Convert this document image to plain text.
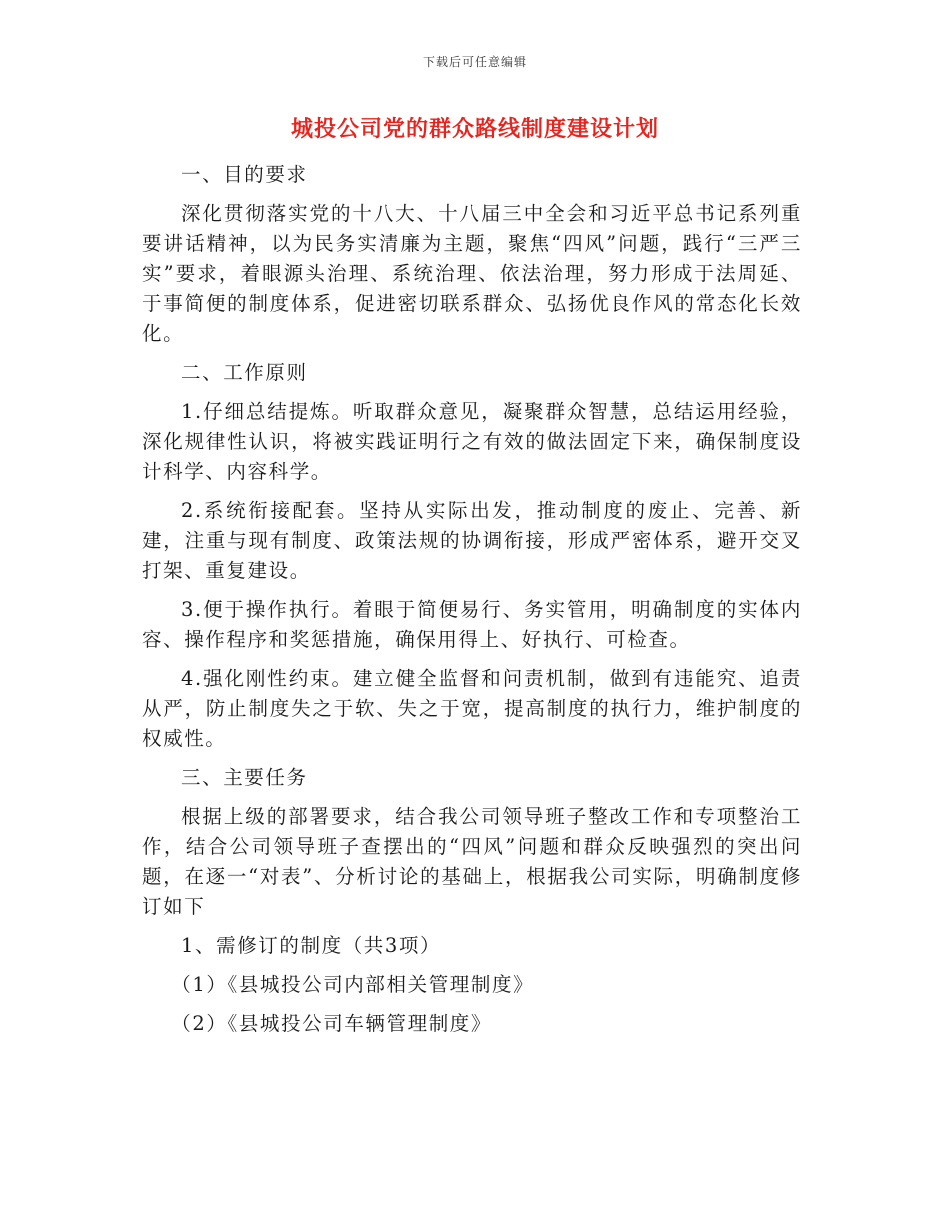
下载后可任意编辑
城投公司党的群众路线制度建设计划

一、目的要求

深化贯彻落实党的十八大、十八届三中全会和习近平总书记系列重要讲话精神，以为民务实清廉为主题，聚焦“四风”问题，践行“三严三实”要求，着眼源头治理、系统治理、依法治理，努力形成于法周延、于事简便的制度体系，促进密切联系群众、弘扬优良作风的常态化长效化。

二、工作原则

1.仔细总结提炼。听取群众意见，凝聚群众智慧，总结运用经验，深化规律性认识，将被实践证明行之有效的做法固定下来，确保制度设计科学、内容科学。

2.系统衔接配套。坚持从实际出发，推动制度的废止、完善、新建，注重与现有制度、政策法规的协调衔接，形成严密体系，避开交叉打架、重复建设。

3.便于操作执行。着眼于简便易行、务实管用，明确制度的实体内容、操作程序和奖惩措施，确保用得上、好执行、可检查。

4.强化刚性约束。建立健全监督和问责机制，做到有违能究、追责从严，防止制度失之于软、失之于宽，提高制度的执行力，维护制度的权威性。

三、主要任务

根据上级的部署要求，结合我公司领导班子整改工作和专项整治工作，结合公司领导班子查摆出的“四风”问题和群众反映强烈的突出问题，在逐一“对表”、分析讨论的基础上，根据我公司实际，明确制度修订如下

1、需修订的制度（共3项）

（1）《县城投公司内部相关管理制度》

（2）《县城投公司车辆管理制度》
